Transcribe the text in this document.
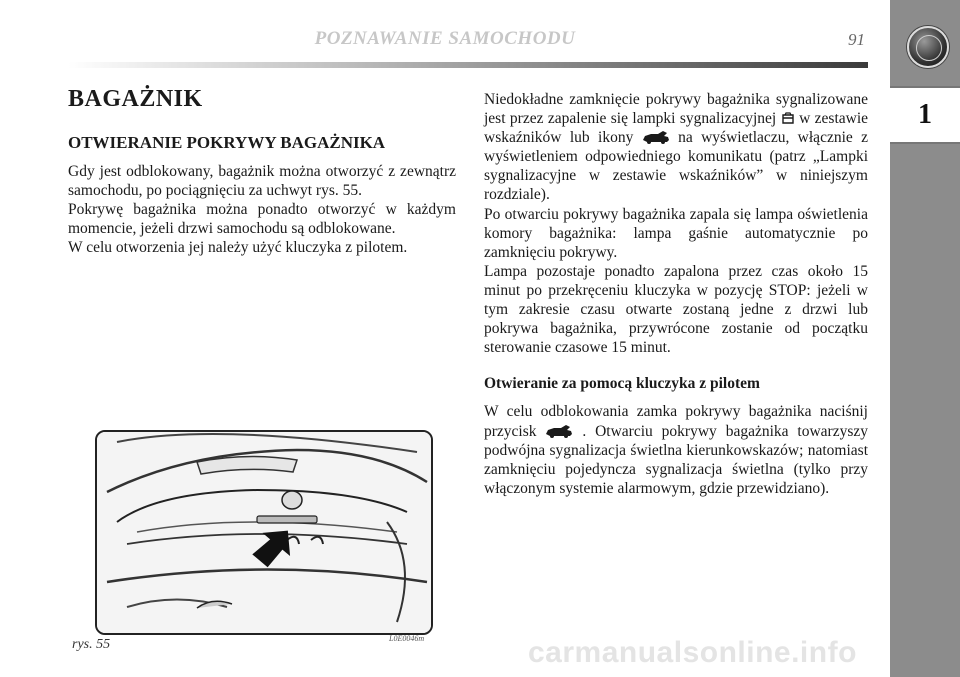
POZNAWANIE SAMOCHODU	91
1
BAGAŻNIK
OTWIERANIE POKRYWY BAGAŻNIKA

Gdy jest odblokowany, bagażnik można otworzyć z zewnątrz samochodu, po pociągnięciu za uchwyt rys. 55.

Pokrywę bagażnika można ponadto otworzyć w każdym momencie, jeżeli drzwi samochodu są odblokowane.

W celu otworzenia jej należy użyć kluczyka z pilotem.

Niedokładne zamknięcie pokrywy bagażnika sygnalizowane jest przez zapalenie się lampki sygnalizacyjnej w zestawie wskaźników lub ikony	na wyświetlaczu, włącznie z wyświetleniem odpowiedniego komunikatu (patrz „Lampki sygnalizacyjne w zestawie wskaźników” w niniejszym rozdziale).

Po otwarciu pokrywy bagażnika zapala się lampa oświetlenia komory bagażnika: lampa gaśnie automatycznie po zamknięciu pokrywy.

Lampa pozostaje ponadto zapalona przez czas około 15 minut po przekręceniu kluczyka w pozycję STOP: jeżeli w tym zakresie czasu otwarte zostaną jedne z drzwi lub pokrywa bagażnika, przywrócone zostanie od początku sterowanie czasowe 15 minut.

Otwieranie za pomocą kluczyka z pilotem

W celu odblokowania zamka pokrywy bagażnika naciśnij przycisk	. Otwarciu pokrywy bagażnika towarzyszy podwójna sygnalizacja świetlna kierunkowskazów; natomiast zamknięciu pojedyncza sygnalizacja świetlna (tylko przy włączonym systemie alarmowym, gdzie przewidziano).

rys. 55	L0E0046m	carmanualsonline.info
